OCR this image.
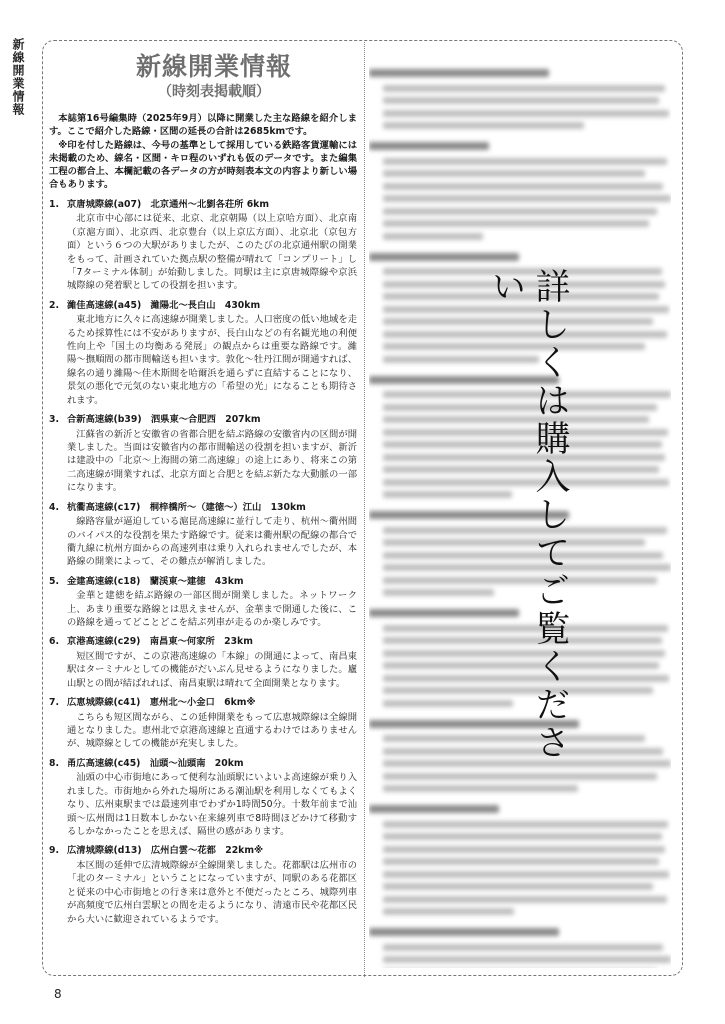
新線開業情報	新線開業情報
（時刻表掲載順）

本誌第16号編集時（2025年9月）以降に開業した主な路線を紹介します。ここで紹介した路線・区間の延長の合計は2685kmです。

※印を付した路線は、今号の基準として採用している鉄路客貨運輸には未掲載のため、線名・区間・キロ程のいずれも仮のデータです。また編集工程の都合上、本欄記載の各データの方が時刻表本文の内容より新しい場合もあります。

1. 京唐城際線(a07)　北京通州〜北劉各荘所 6km
北京市中心部には従来、北京、北京朝陽（以上京哈方面）、北京南（京滬方面）、北京西、北京豊台（以上京広方面）、北京北（京包方面）という６つの大駅がありましたが、このたびの北京通州駅の開業をもって、計画されていた拠点駅の整備が晴れて「コンプリート」し「7ターミナル体制」が始動しました。同駅は主に京唐城際線や京浜城際線の発着駅としての役割を担います。
2. 濰佳高速線(a45)　濰陽北〜長白山　430km
東北地方に久々に高速線が開業しました。人口密度の低い地域を走るため採算性には不安がありますが、長白山などの有名観光地の利便性向上や「国土の均衡ある発展」の観点からは重要な路線です。濰陽〜撫順間の都市間輸送も担います。敦化〜牡丹江間が開通すれば、線名の通り濰陽〜佳木斯間を哈爾浜を通らずに直結することになり、景気の悪化で元気のない東北地方の「希望の光」になることも期待されます。
3. 合新高速線(b39)　泗県東〜合肥西　207km
江蘇省の新沂と安徽省の省都合肥を結ぶ路線の安徽省内の区間が開業しました。当面は安徽省内の都市間輸送の役割を担いますが、新沂は建設中の「北京〜上海間の第二高速線」の途上にあり、将来この第二高速線が開業すれば、北京方面と合肥とを結ぶ新たな大動脈の一部になります。
4. 杭衢高速線(c17)　桐梓橋所〜（建徳〜）江山　130km
線路容量が逼迫している滬昆高速線に並行して走り、杭州〜衢州間のバイパス的な役割を果たす路線です。従来は衢州駅の配線の都合で衢九線に杭州方面からの高速列車は乗り入れられませんでしたが、本路線の開業によって、その難点が解消しました。
5. 金建高速線(c18)　蘭渓東〜建徳　43km
金華と建徳を結ぶ路線の一部区間が開業しました。ネットワーク上、あまり重要な路線とは思えませんが、金華まで開通した後に、この路線を通ってどことどこを結ぶ列車が走るのか楽しみです。
6. 京港高速線(c29)　南昌東〜何家所　23km
短区間ですが、この京港高速線の「本線」の開通によって、南昌東駅はターミナルとしての機能がだいぶん見せるようになりました。廬山駅との間が結ばれれば、南昌東駅は晴れて全面開業となります。
7. 広恵城際線(c41)　恵州北〜小金口　6km※
こちらも短区間ながら、この延伸開業をもって広恵城際線は全線開通となりました。恵州北で京港高速線と直通するわけではありませんが、城際線としての機能が充実しました。
8. 甬広高速線(c45)　汕頭〜汕頭南　20km
汕頭の中心市街地にあって便利な汕頭駅にいよいよ高速線が乗り入れました。市街地から外れた場所にある潮汕駅を利用しなくてもよくなり、広州東駅までは最速列車でわずか1時間50分。十数年前まで汕頭〜広州間は1日数本しかない在来線列車で8時間ほどかけて移動するしかなかったことを思えば、隔世の感があります。
9. 広清城際線(d13)　広州白雲〜花都　22km※
本区間の延伸で広清城際線が全線開業しました。花都駅は広州市の「北のターミナル」ということになっていますが、同駅のある花都区と従来の中心市街地との行き来は意外と不便だったところ、城際列車が高頻度で広州白雲駅との間を走るようになり、清遠市民や花都区民から大いに歓迎されているようです。
詳しくは購入してご覧ください
8
